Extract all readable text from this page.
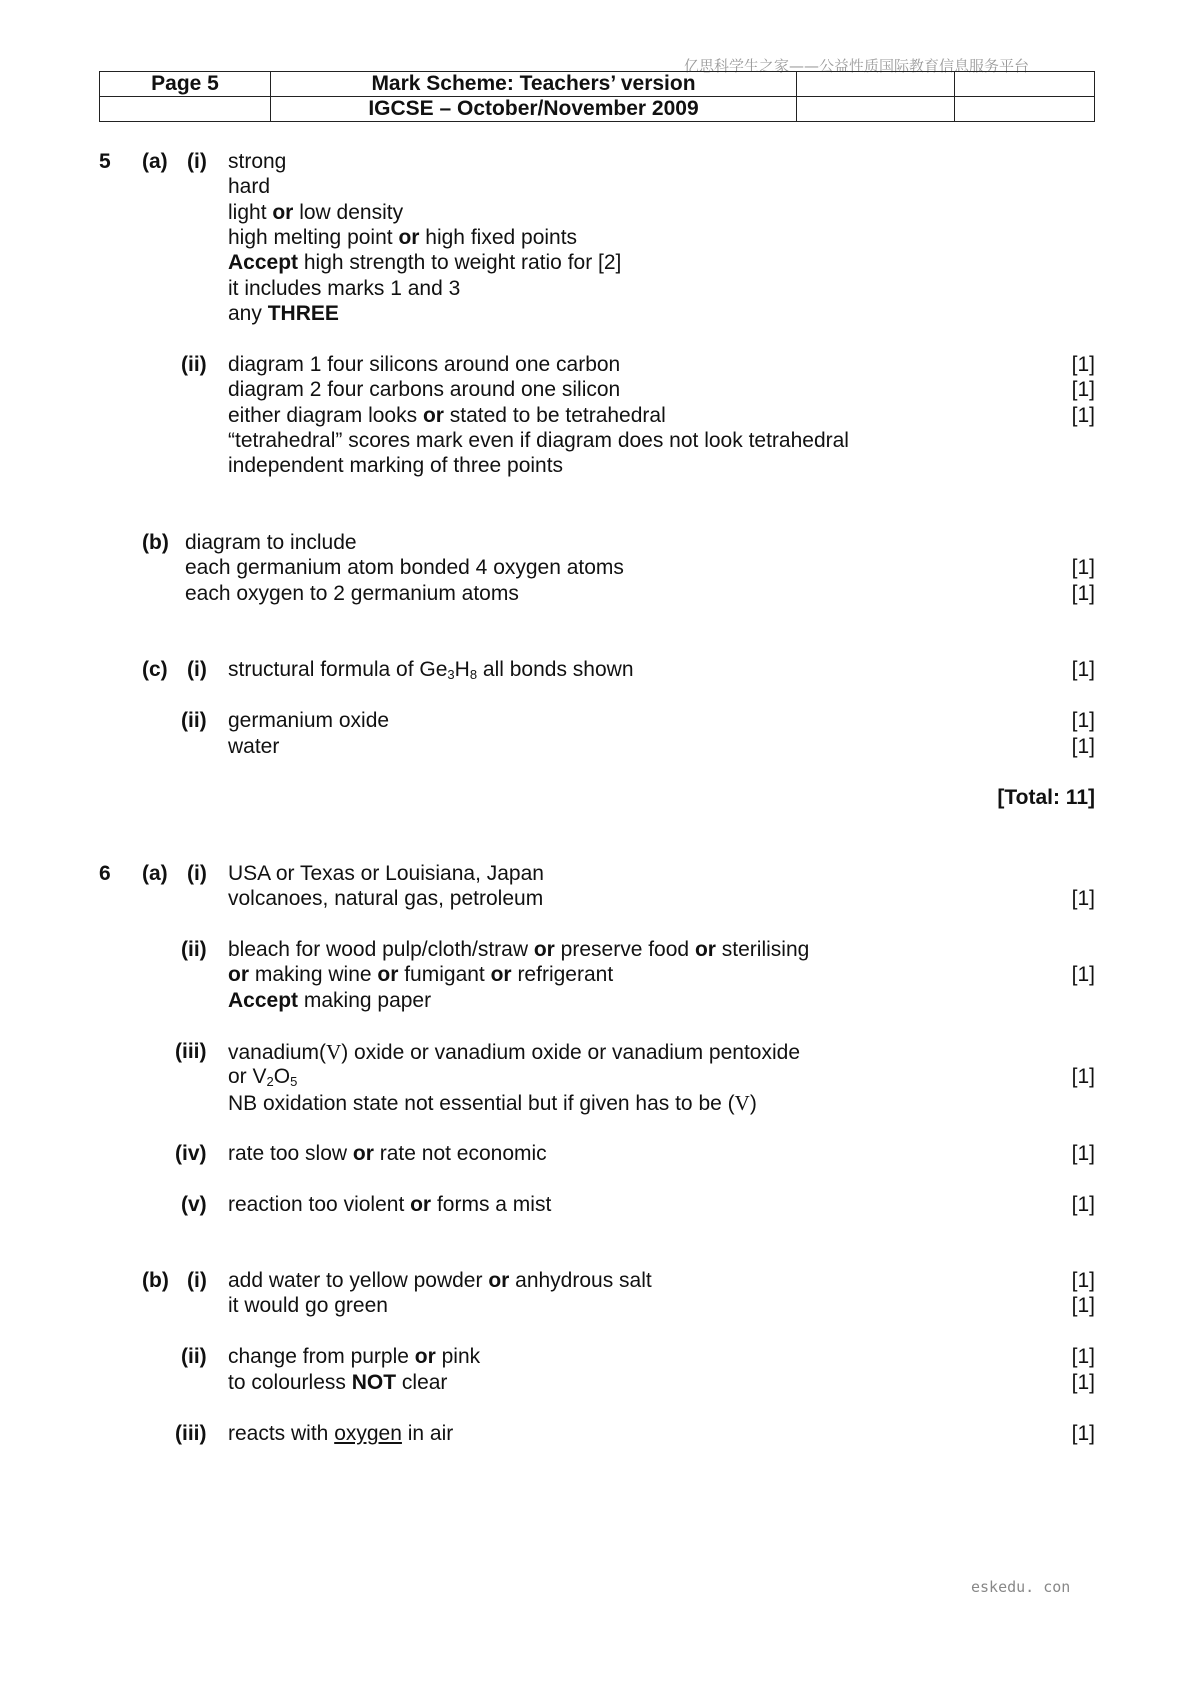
亿思科学生之家——公益性质国际教育信息服务平台
Page 5	Mark Scheme: Teachers’ version		
	IGCSE – October/November 2009		
5 (a) (i) strong
hard
light or low density
high melting point or high fixed points
Accept high strength to weight ratio for [2]
it includes marks 1 and 3
any THREE
(ii) diagram 1 four silicons around one carbon	[1]
diagram 2 four carbons around one silicon	[1]
either diagram looks or stated to be tetrahedral	[1]
“tetrahedral” scores mark even if diagram does not look tetrahedral
independent marking of three points
(b) diagram to include
each germanium atom bonded 4 oxygen atoms	[1]
each oxygen to 2 germanium atoms	[1]
(c) (i) structural formula of $Ge_3H_8$ all bonds shown	[1]
(ii) germanium oxide	[1]
water	[1]
[Total: 11]
6 (a) (i) USA or Texas or Louisiana, Japan
volcanoes, natural gas, petroleum	[1]
(ii) bleach for wood pulp/cloth/straw or preserve food or sterilising
or making wine or fumigant or refrigerant	[1]
Accept making paper
(iii) vanadium(V) oxide or vanadium oxide or vanadium pentoxide
or $V_2O_5$	[1]
NB oxidation state not essential but if given has to be (V)
(iv) rate too slow or rate not economic	[1]
(v) reaction too violent or forms a mist	[1]
(b) (i) add water to yellow powder or anhydrous salt	[1]
it would go green	[1]
(ii) change from purple or pink	[1]
to colourless NOT clear	[1]
(iii) reacts with oxygen in air	[1]
eskedu. con
